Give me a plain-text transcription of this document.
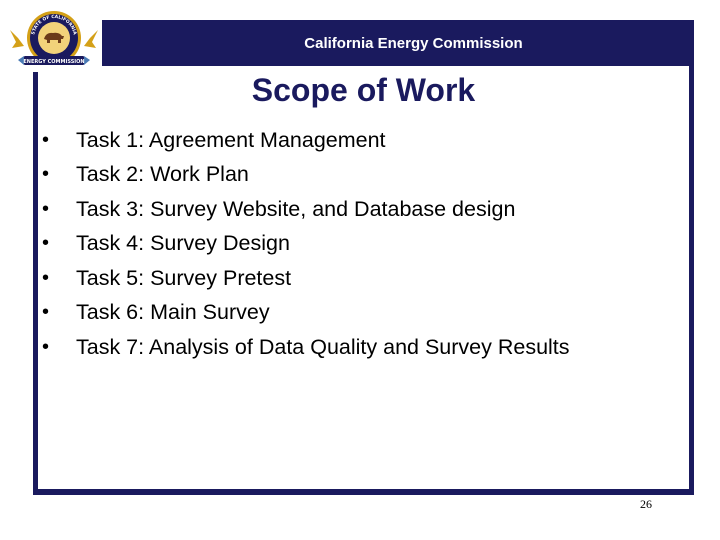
California Energy Commission
ENERGY COMMISSION
STATE OF CALIFORNIA
Scope of Work
•	Task 1: Agreement Management
•	Task 2: Work Plan
•	Task 3: Survey Website, and Database design
•	Task 4: Survey Design
•	Task 5: Survey Pretest
•	Task 6: Main Survey
•	Task 7: Analysis of Data Quality and Survey Results
26
